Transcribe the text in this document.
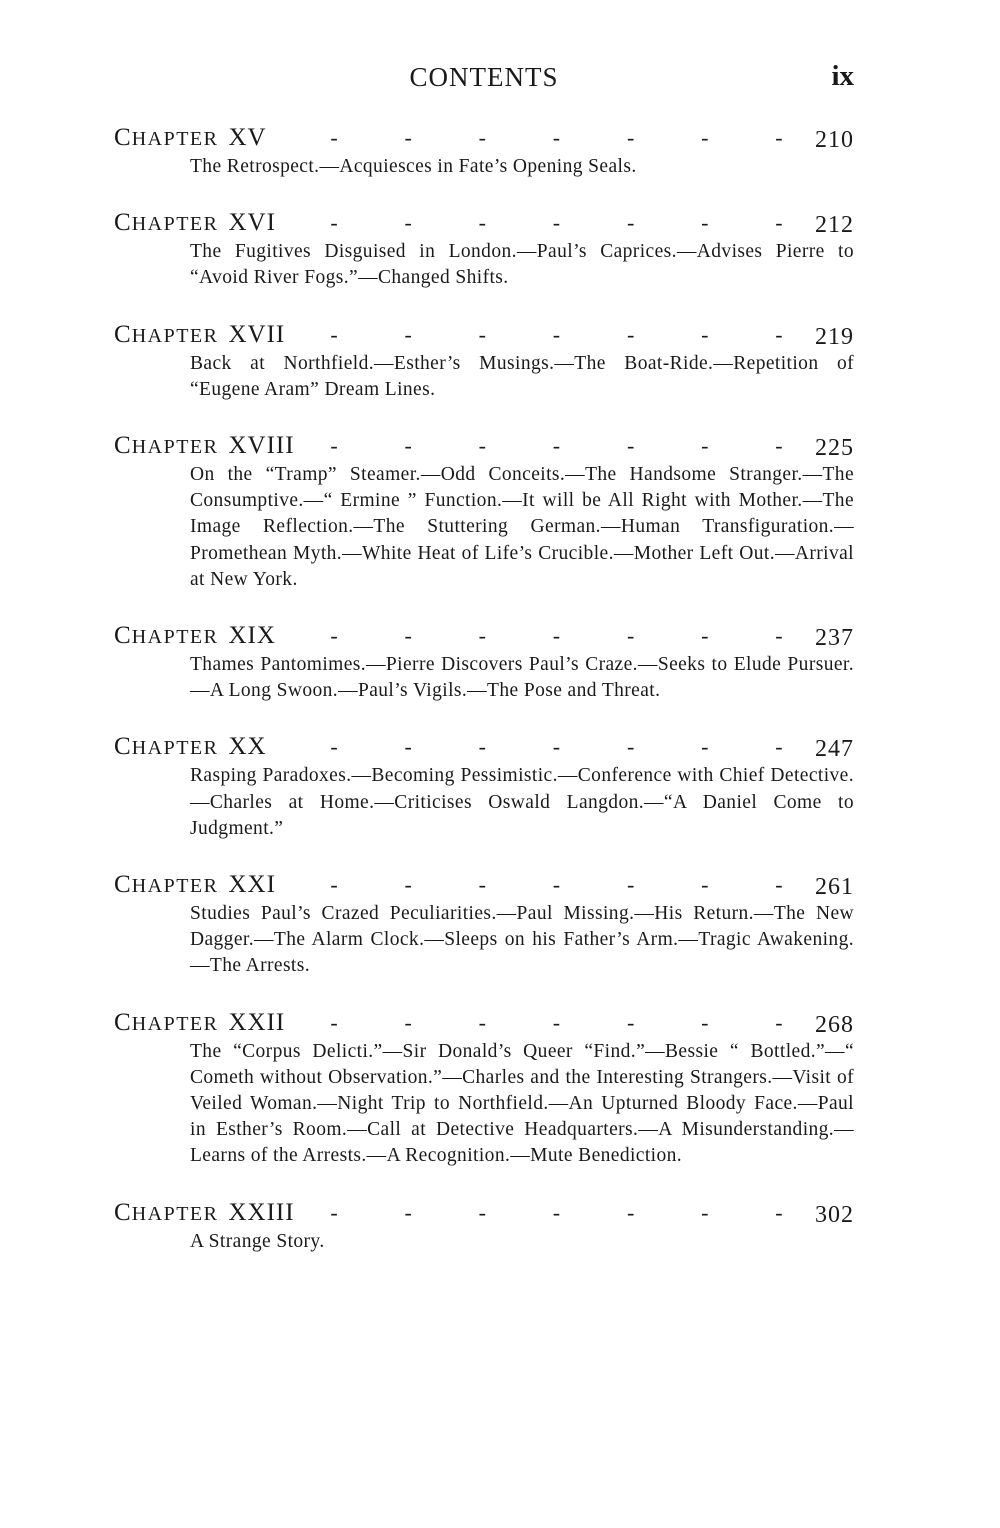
CONTENTS	ix
CHAPTER XV	-	-	-	-	-	-	- 210
The Retrospect.—Acquiesces in Fate’s Opening Seals.
CHAPTER XVI -	-	-	-	-	-	- 212
The Fugitives Disguised in London.—Paul’s Caprices.—Advises Pierre to “Avoid River Fogs.”—Changed Shifts.
CHAPTER XVII -	-	-	-	-	-	- 219
Back at Northfield.—Esther’s Musings.—The Boat-Ride.—Repetition of “Eugene Aram” Dream Lines.
CHAPTER XVIII -	-	-	-	-	-	- 225
On the “Tramp” Steamer.—Odd Conceits.—The Handsome Stranger.—The Consumptive.—“ Ermine ” Function.—It will be All Right with Mother.—The Image Reflection.—The Stuttering German.—Human Transfiguration.—Promethean Myth.—White Heat of Life’s Crucible.—Mother Left Out.—Arrival at New York.
CHAPTER XIX -	-	-	-	-	-	- 237
Thames Pantomimes.—Pierre Discovers Paul’s Craze.—Seeks to Elude Pursuer.—A Long Swoon.—Paul’s Vigils.—The Pose and Threat.
CHAPTER XX	-	-	-	-	-	-	- 247
Rasping Paradoxes.—Becoming Pessimistic.—Conference with Chief Detective.—Charles at Home.—Criticises Oswald Langdon.—“A Daniel Come to Judgment.”
CHAPTER XXI -	-	-	-	-	-	- 261
Studies Paul’s Crazed Peculiarities.—Paul Missing.—His Return.—The New Dagger.—The Alarm Clock.—Sleeps on his Father’s Arm.—Tragic Awakening.—The Arrests.
CHAPTER XXII -	-	-	-	-	-	- 268
The “Corpus Delicti.”—Sir Donald’s Queer “Find.”—Bessie “ Bottled.”—“ Cometh without Observation.”—Charles and the Interesting Strangers.—Visit of Veiled Woman.—Night Trip to Northfield.—An Upturned Bloody Face.—Paul in Esther’s Room.—Call at Detective Headquarters.—A Misunderstanding.—Learns of the Arrests.—A Recognition.—Mute Benediction.
CHAPTER XXIII -	-	-	-	-	-	- 302
A Strange Story.
